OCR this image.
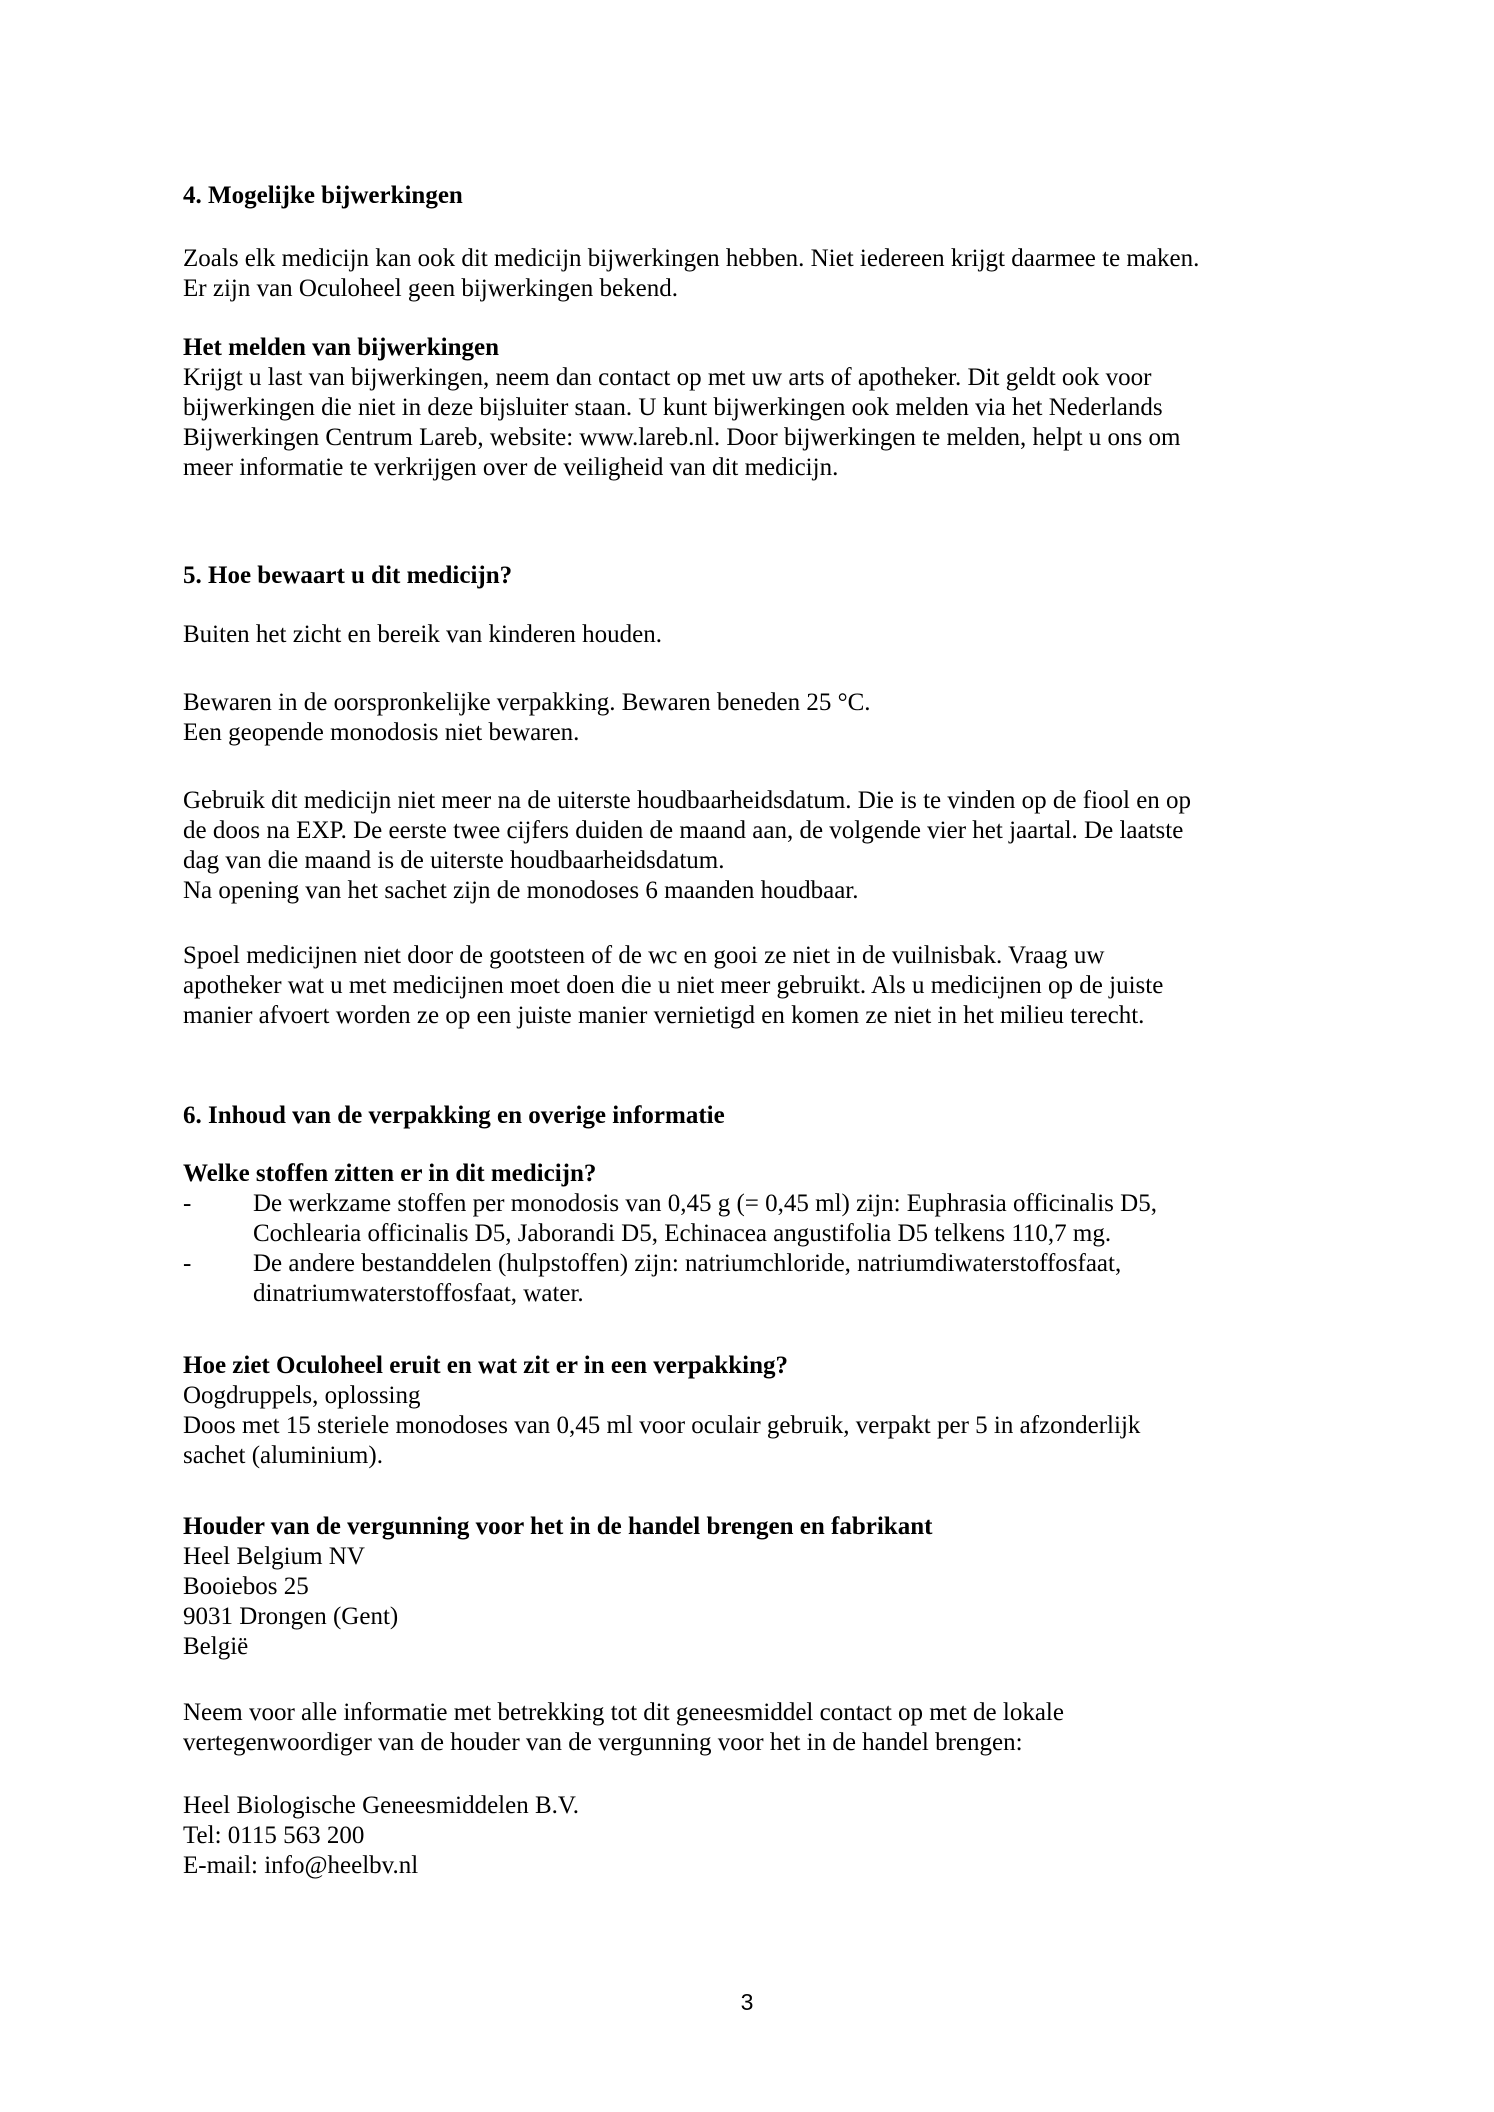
4. Mogelijke bijwerkingen
Zoals elk medicijn kan ook dit medicijn bijwerkingen hebben. Niet iedereen krijgt daarmee te maken.
Er zijn van Oculoheel geen bijwerkingen bekend.
Het melden van bijwerkingen
Krijgt u last van bijwerkingen, neem dan contact op met uw arts of apotheker. Dit geldt ook voor
bijwerkingen die niet in deze bijsluiter staan. U kunt bijwerkingen ook melden via het Nederlands
Bijwerkingen Centrum Lareb, website: www.lareb.nl. Door bijwerkingen te melden, helpt u ons om
meer informatie te verkrijgen over de veiligheid van dit medicijn.
5. Hoe bewaart u dit medicijn?
Buiten het zicht en bereik van kinderen houden.
Bewaren in de oorspronkelijke verpakking. Bewaren beneden 25 °C.
Een geopende monodosis niet bewaren.
Gebruik dit medicijn niet meer na de uiterste houdbaarheidsdatum. Die is te vinden op de fiool en op
de doos na EXP. De eerste twee cijfers duiden de maand aan, de volgende vier het jaartal. De laatste
dag van die maand is de uiterste houdbaarheidsdatum.
Na opening van het sachet zijn de monodoses 6 maanden houdbaar.
Spoel medicijnen niet door de gootsteen of de wc en gooi ze niet in de vuilnisbak. Vraag uw
apotheker wat u met medicijnen moet doen die u niet meer gebruikt. Als u medicijnen op de juiste
manier afvoert worden ze op een juiste manier vernietigd en komen ze niet in het milieu terecht.
6. Inhoud van de verpakking en overige informatie
Welke stoffen zitten er in dit medicijn?
-	De werkzame stoffen per monodosis van 0,45 g (= 0,45 ml) zijn: Euphrasia officinalis D5,
Cochlearia officinalis D5, Jaborandi D5, Echinacea angustifolia D5 telkens 110,7 mg.
-	De andere bestanddelen (hulpstoffen) zijn: natriumchloride, natriumdiwaterstoffosfaat,
dinatriumwaterstoffosfaat, water.
Hoe ziet Oculoheel eruit en wat zit er in een verpakking?
Oogdruppels, oplossing
Doos met 15 steriele monodoses van 0,45 ml voor oculair gebruik, verpakt per 5 in afzonderlijk
sachet (aluminium).
Houder van de vergunning voor het in de handel brengen en fabrikant
Heel Belgium NV
Booiebos 25
9031 Drongen (Gent)
België
Neem voor alle informatie met betrekking tot dit geneesmiddel contact op met de lokale
vertegenwoordiger van de houder van de vergunning voor het in de handel brengen:
Heel Biologische Geneesmiddelen B.V.
Tel: 0115 563 200
E-mail: info@heelbv.nl
3
